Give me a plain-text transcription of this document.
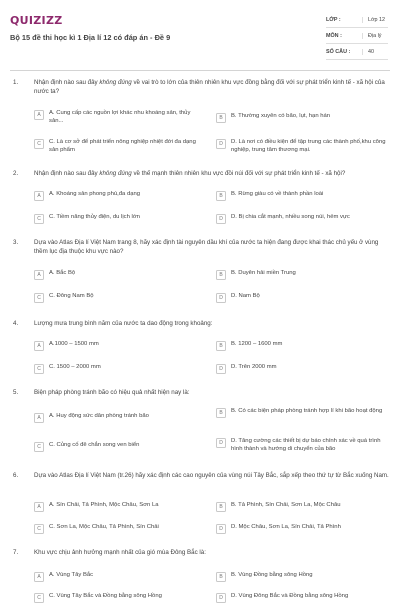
QUIZIZZ
Bộ 15 đề thi học kì 1 Địa lí 12 có đáp án - Đề 9
LỚP :	Lớp 12
MÔN :	Địa lý
SỐ CÂU :	40
1.	Nhận định nào sau đây không đúng về vai trò to lớn của thiên nhiên khu vực đồng bằng đối với sự phát triển kinh tế - xã hội của nước ta?
A	A. Cung cấp các nguồn lợi khác nhu khoáng sản, thủy sản...
B	B. Thường xuyên có bão, lụt, hạn hán
C	C. Là cơ sở để phát triển nông nghiệp nhiệt đới đa dạng sản phẩm
D	D. Là nơi có điều kiện để tập trung các thành phố,khu công nghiệp, trung tâm thương mại.
2.	Nhận định nào sau đây không đúng về thế mạnh thiên nhiên khu vực đồi núi đối với sự phát triển kinh tế - xã hội?
A	A. Khoáng sản phong phú,đa dạng	B	B. Rừng giàu có về thành phần loài
C	C. Tiềm năng thủy điện, du lịch lớn	D	D. Bị chia cắt mạnh, nhiều song núi, hẻm vực
3.	Dựa vào Atlas Địa lí Việt Nam trang 8, hãy xác định tài nguyên dầu khí của nước ta hiện đang được khai thác chủ yếu ở vùng thềm lục địa thuộc khu vực nào?
A	A. Bắc Bộ	B	B. Duyên hải miền Trung
C	C. Đông Nam Bộ	D	D. Nam Bộ
4.	Lượng mưa trung bình năm của nước ta dao động trong khoảng:
A	A.1000 – 1500 mm	B	B. 1200 – 1600 mm
C	C. 1500 – 2000 mm	D	D. Trên 2000 mm
5.	Biện pháp phòng tránh bão có hiệu quả nhất hiện nay là:
A	A. Huy động sức dân phòng tránh bão
B	B. Có các biện pháp phòng tránh hợp lí khi bão hoạt động
C	C. Củng cố đê chắn song ven biển	D	D. Tăng cường các thiết bị dự báo chính xác về quá trình hình thành và hướng di chuyển của bão
6.	Dựa vào Atlas Địa lí Việt Nam (tr.26) hãy xác định các cao nguyên của vùng núi Tây Bắc, sắp xếp theo thứ tự từ Bắc xuống Nam.
A	A. Sín Chải, Tả Phình, Mộc Châu, Sơn La	B	B. Tả Phình, Sín Chải, Sơn La, Mộc Châu
C	C. Sơn La, Mộc Châu, Tả Phình, Sín Chải	D	D. Mộc Châu, Sơn La, Sín Chải, Tả Phình
7.	Khu vực chịu ảnh hưởng mạnh nhất của gió mùa Đông Bắc là:
A	A. Vùng Tây Bắc	B	B. Vùng Đồng bằng sông Hồng
C	C. Vùng Tây Bắc và Đồng bằng sông Hồng	D	D. Vùng Đông Bắc và Đồng bằng sông Hồng
